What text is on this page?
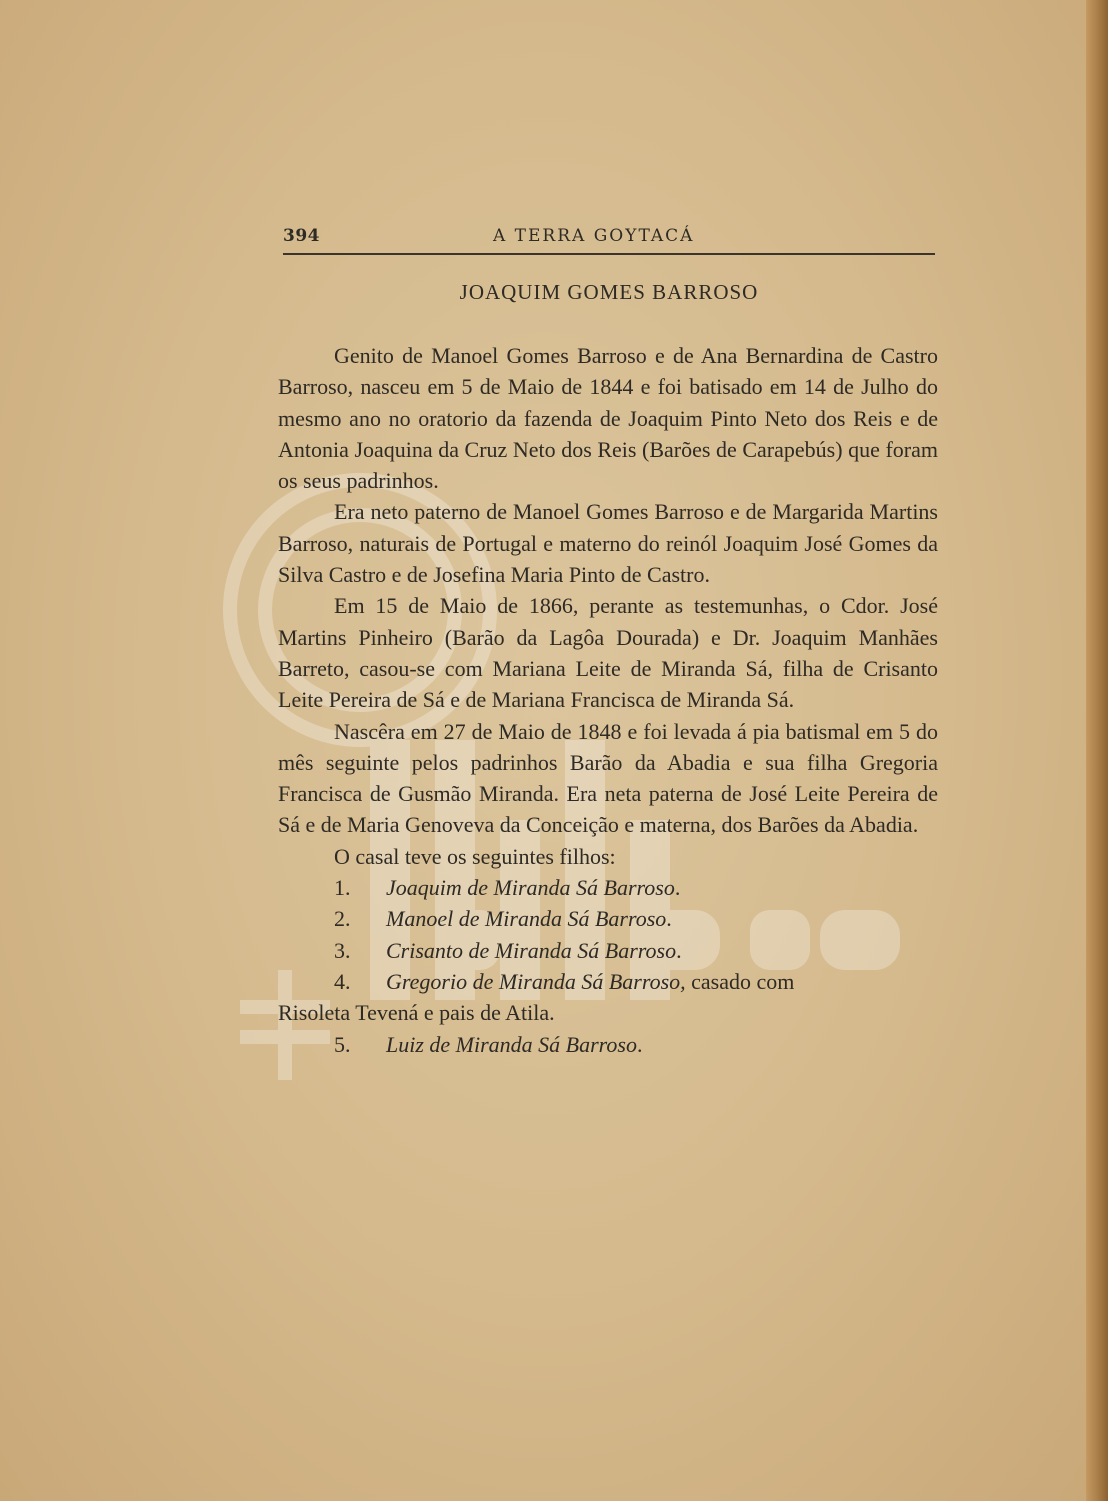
394	A TERRA GOYTACÁ
JOAQUIM GOMES BARROSO

Genito de Manoel Gomes Barroso e de Ana Bernardina de Castro Barroso, nasceu em 5 de Maio de 1844 e foi batisado em 14 de Julho do mesmo ano no oratorio da fazenda de Joaquim Pinto Neto dos Reis e de Antonia Joaquina da Cruz Neto dos Reis (Barões de Carapebús) que foram os seus padrinhos.

Era neto paterno de Manoel Gomes Barroso e de Margarida Martins Barroso, naturais de Portugal e materno do reinól Joaquim José Gomes da Silva Castro e de Josefina Maria Pinto de Castro.

Em 15 de Maio de 1866, perante as testemunhas, o Cdor. José Martins Pinheiro (Barão da Lagôa Dourada) e Dr. Joaquim Manhães Barreto, casou-se com Mariana Leite de Miranda Sá, filha de Crisanto Leite Pereira de Sá e de Mariana Francisca de Miranda Sá.

Nascêra em 27 de Maio de 1848 e foi levada á pia batismal em 5 do mês seguinte pelos padrinhos Barão da Abadia e sua filha Gregoria Francisca de Gusmão Miranda. Era neta paterna de José Leite Pereira de Sá e de Maria Genoveva da Conceição e materna, dos Barões da Abadia.

O casal teve os seguintes filhos:

1. Joaquim de Miranda Sá Barroso.

2. Manoel de Miranda Sá Barroso.

3. Crisanto de Miranda Sá Barroso.

4. Gregorio de Miranda Sá Barroso, casado com

Risoleta Tevená e pais de Atila.

5. Luiz de Miranda Sá Barroso.
